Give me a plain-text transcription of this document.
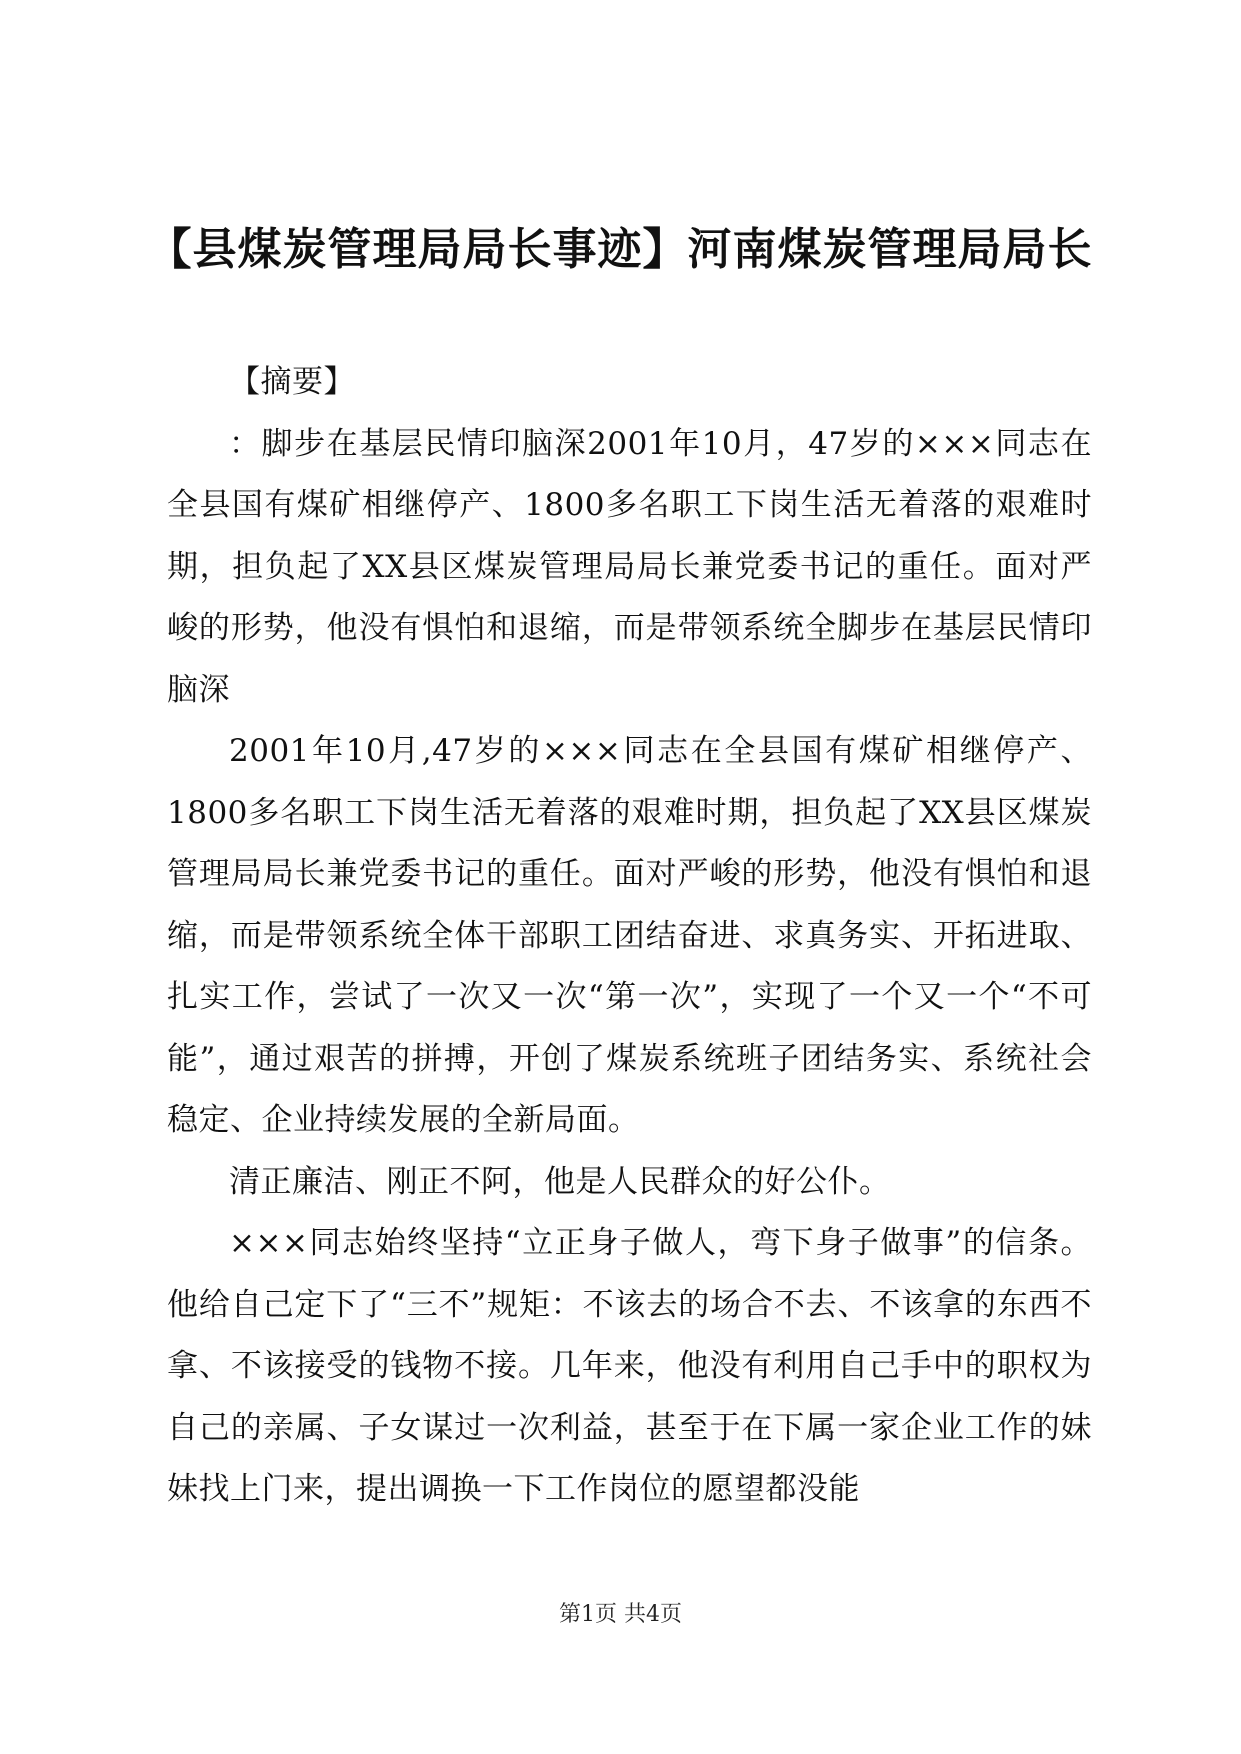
【县煤炭管理局局长事迹】河南煤炭管理局局长

【摘要】

：脚步在基层民情印脑深2001年10月，47岁的×××同志在全县国有煤矿相继停产、1800多名职工下岗生活无着落的艰难时期，担负起了XX县区煤炭管理局局长兼党委书记的重任。面对严峻的形势，他没有惧怕和退缩，而是带领系统全脚步在基层民情印脑深

2001年10月,47岁的×××同志在全县国有煤矿相继停产、1800多名职工下岗生活无着落的艰难时期，担负起了XX县区煤炭管理局局长兼党委书记的重任。面对严峻的形势，他没有惧怕和退缩，而是带领系统全体干部职工团结奋进、求真务实、开拓进取、扎实工作，尝试了一次又一次“第一次”，实现了一个又一个“不可能”，通过艰苦的拼搏，开创了煤炭系统班子团结务实、系统社会稳定、企业持续发展的全新局面。

清正廉洁、刚正不阿，他是人民群众的好公仆。

×××同志始终坚持“立正身子做人，弯下身子做事”的信条。他给自己定下了“三不”规矩：不该去的场合不去、不该拿的东西不拿、不该接受的钱物不接。几年来，他没有利用自己手中的职权为自己的亲属、子女谋过一次利益，甚至于在下属一家企业工作的妹妹找上门来，提出调换一下工作岗位的愿望都没能

第1页 共4页
